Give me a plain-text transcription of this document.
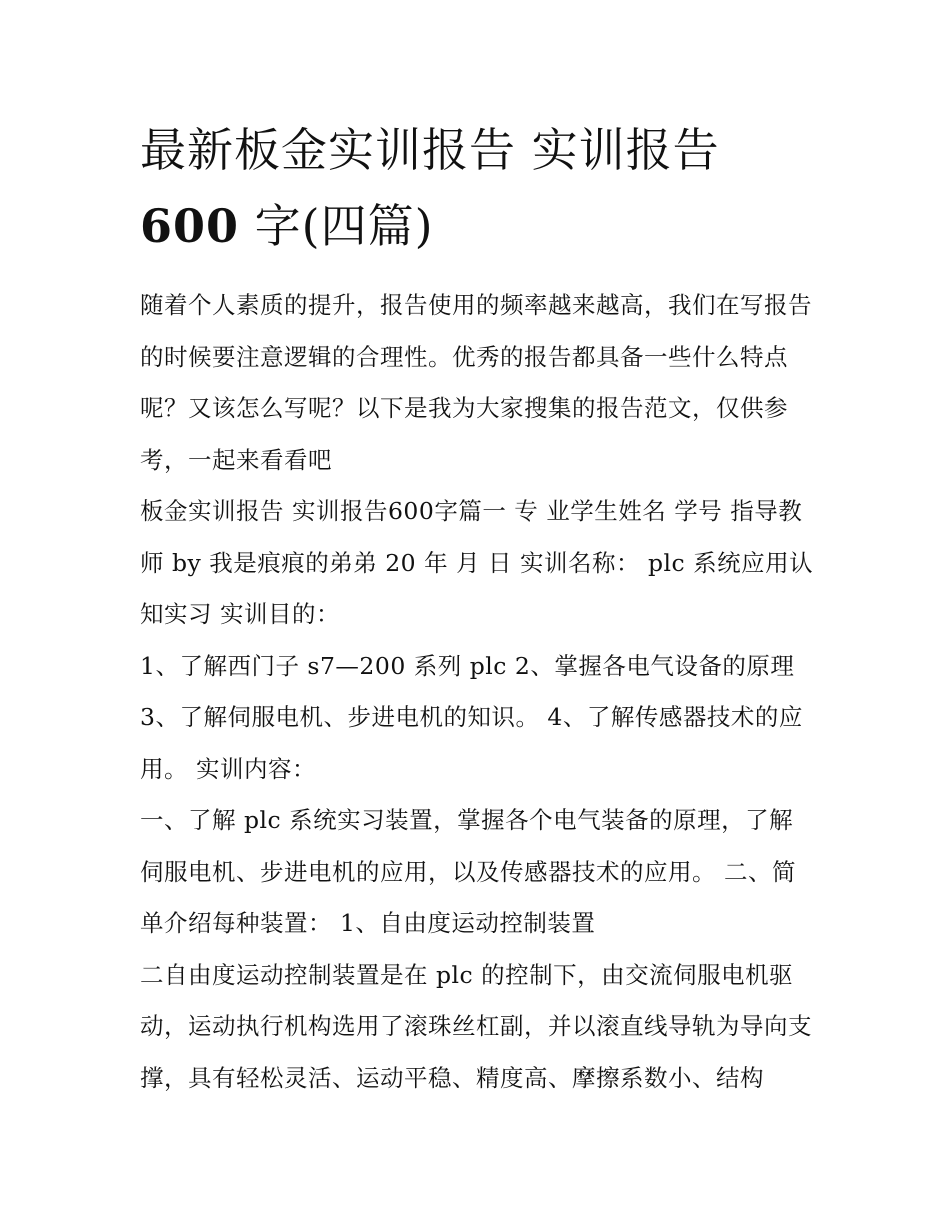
最新板金实训报告 实训报告600 字(四篇)

随着个人素质的提升，报告使用的频率越来越高，我们在写报告的时候要注意逻辑的合理性。优秀的报告都具备一些什么特点呢？又该怎么写呢？以下是我为大家搜集的报告范文，仅供参考，一起来看看吧

板金实训报告 实训报告600字篇一 专 业学生姓名 学号 指导教师 by 我是痕痕的弟弟 20 年 月 日 实训名称： plc 系统应用认知实习 实训目的：

1、了解西门子 s7—200 系列 plc 2、掌握各电气设备的原理 3、了解伺服电机、步进电机的知识。 4、了解传感器技术的应用。 实训内容：

一、了解 plc 系统实习装置，掌握各个电气装备的原理，了解伺服电机、步进电机的应用，以及传感器技术的应用。 二、简单介绍每种装置： 1、自由度运动控制装置

二自由度运动控制装置是在 plc 的控制下，由交流伺服电机驱动，运动执行机构选用了滚珠丝杠副，并以滚直线导轨为导向支撑，具有轻松灵活、运动平稳、精度高、摩擦系数小、结构
